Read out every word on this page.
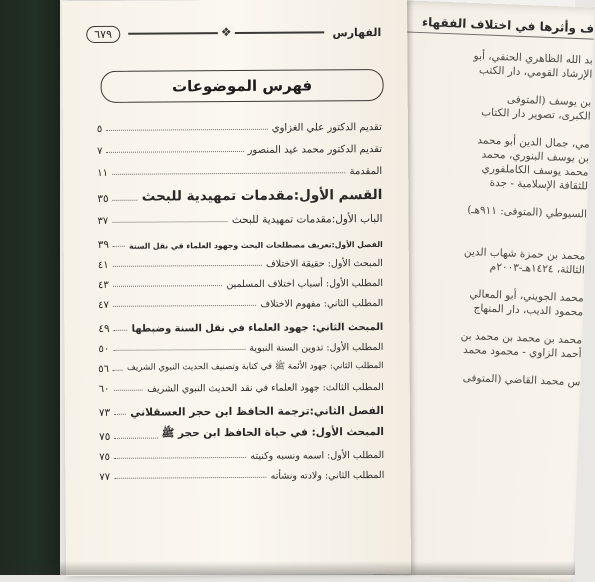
ف وأثرها في اختلاف الفقهاء
بد الله الظاهري الحنفي، أبو
الإرشاد القومي، دار الكتب
بن يوسف (المتوفى
الكبرى، تصوير دار الكتاب
مي، جمال الدين أبو محمد
بن يوسف البنوري، محمد
محمد يوسف الكاملفوري
للثقافة الإسلامية - جدة
السيوطي (المتوفى: ٩١١هـ)
محمد بن حمزة شهاب الدين
الثالثة، ١٤٢٤هـ-٢٠٠٣م
محمد الجويني، أبو المعالي
محمود الديب، دار المنهاج
محمد بن محمد بن محمد بن
أحمد الزاوي - محمود محمد
س محمد القاضي (المتوفى
الفهارس
❖
٦٧٩
فهرس الموضوعات
تقديم الدكتور علي الغزاوي
٥
تقديم الدكتور محمد عيد المنصور
٧
المقدمة
١١
القسم الأول:مقدمات تمهيدية للبحث
٣٥
الباب الأول:مقدمات تمهيدية للبحث
٣٧
الفصل الأول:تعريف مصطلحات البحث وجهود العلماء في نقل السنة
٣٩
المبحث الأول: حقيقة الاختلاف
٤١
المطلب الأول: أسباب اختلاف المسلمين
٤٣
المطلب الثاني: مفهوم الاختلاف
٤٧
المبحث الثاني: جهود العلماء في نقل السنة وضبطها
٤٩
المطلب الأول: تدوين السنة النبوية
٥٠
المطلب الثاني: جهود الأئمة ﷺ في كتابة وتصنيف الحديث النبوي الشريف
٥٦
المطلب الثالث: جهود العلماء في نقد الحديث النبوي الشريف
٦٠
الفصل الثاني:ترجمة الحافظ ابن حجر العسقلاني
٧٣
المبحث الأول: في حياة الحافظ ابن حجر ﷺ
٧٥
المطلب الأول: اسمه ونسبه وكنيته
٧٥
المطلب الثاني: ولادته ونشأته
٧٧
